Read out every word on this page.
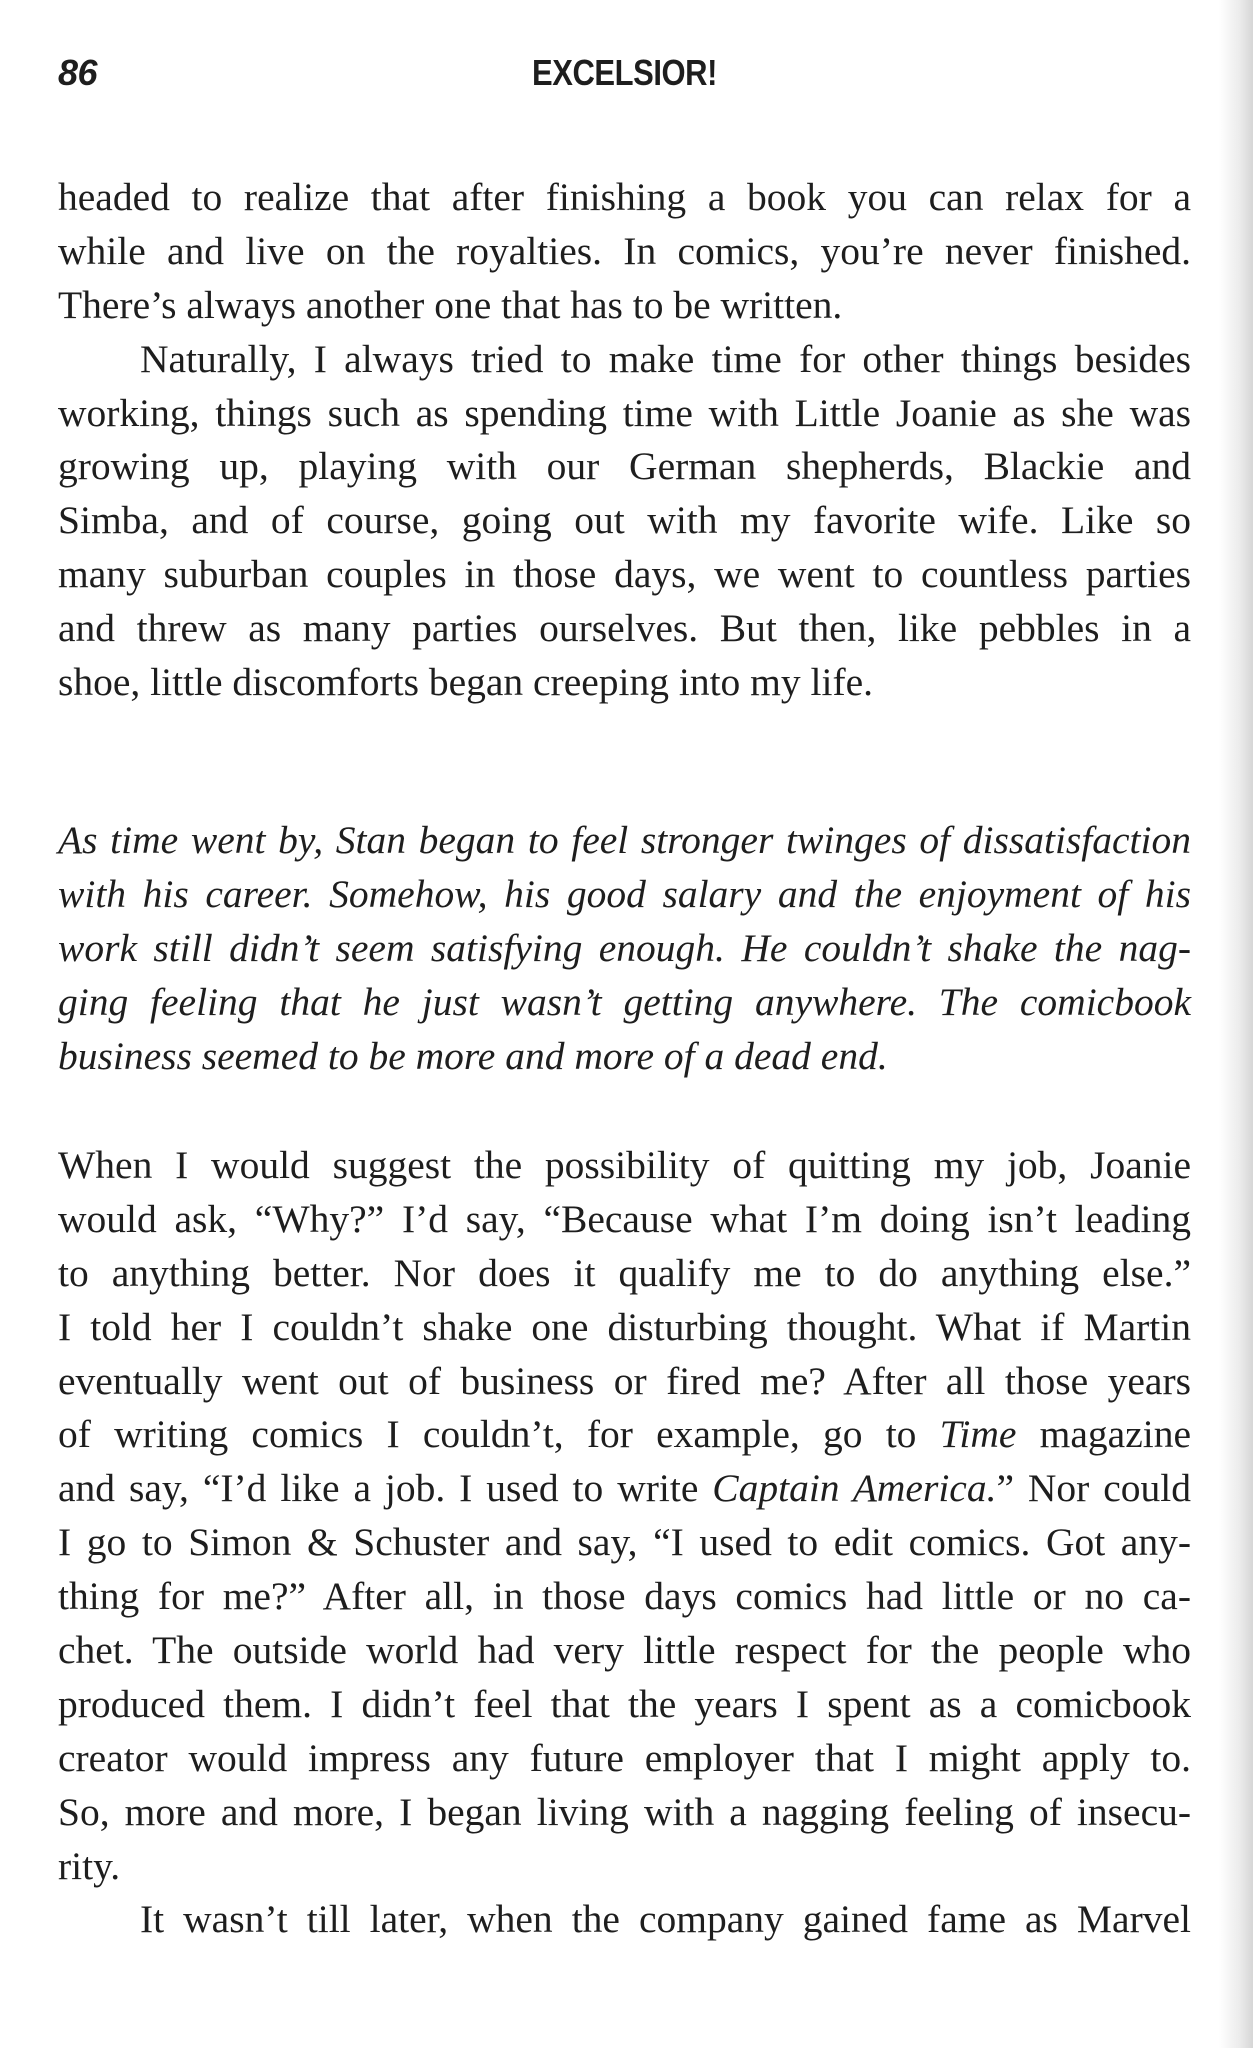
86	EXCELSIOR!
headed to realize that after finishing a book you can relax for a
while and live on the royalties. In comics, you’re never finished.
There’s always another one that has to be written.
Naturally, I always tried to make time for other things besides
working, things such as spending time with Little Joanie as she was
growing up, playing with our German shepherds, Blackie and
Simba, and of course, going out with my favorite wife. Like so
many suburban couples in those days, we went to countless parties
and threw as many parties ourselves. But then, like pebbles in a
shoe, little discomforts began creeping into my life.
As time went by, Stan began to feel stronger twinges of dissatisfaction
with his career. Somehow, his good salary and the enjoyment of his
work still didn’t seem satisfying enough. He couldn’t shake the nag-
ging feeling that he just wasn’t getting anywhere. The comicbook
business seemed to be more and more of a dead end.
When I would suggest the possibility of quitting my job, Joanie
would ask, “Why?” I’d say, “Because what I’m doing isn’t leading
to anything better. Nor does it qualify me to do anything else.”
I told her I couldn’t shake one disturbing thought. What if Martin
eventually went out of business or fired me? After all those years
of writing comics I couldn’t, for example, go to Time magazine
and say, “I’d like a job. I used to write Captain America.” Nor could
I go to Simon & Schuster and say, “I used to edit comics. Got any-
thing for me?” After all, in those days comics had little or no ca-
chet. The outside world had very little respect for the people who
produced them. I didn’t feel that the years I spent as a comicbook
creator would impress any future employer that I might apply to.
So, more and more, I began living with a nagging feeling of insecu-
rity.
It wasn’t till later, when the company gained fame as Marvel
